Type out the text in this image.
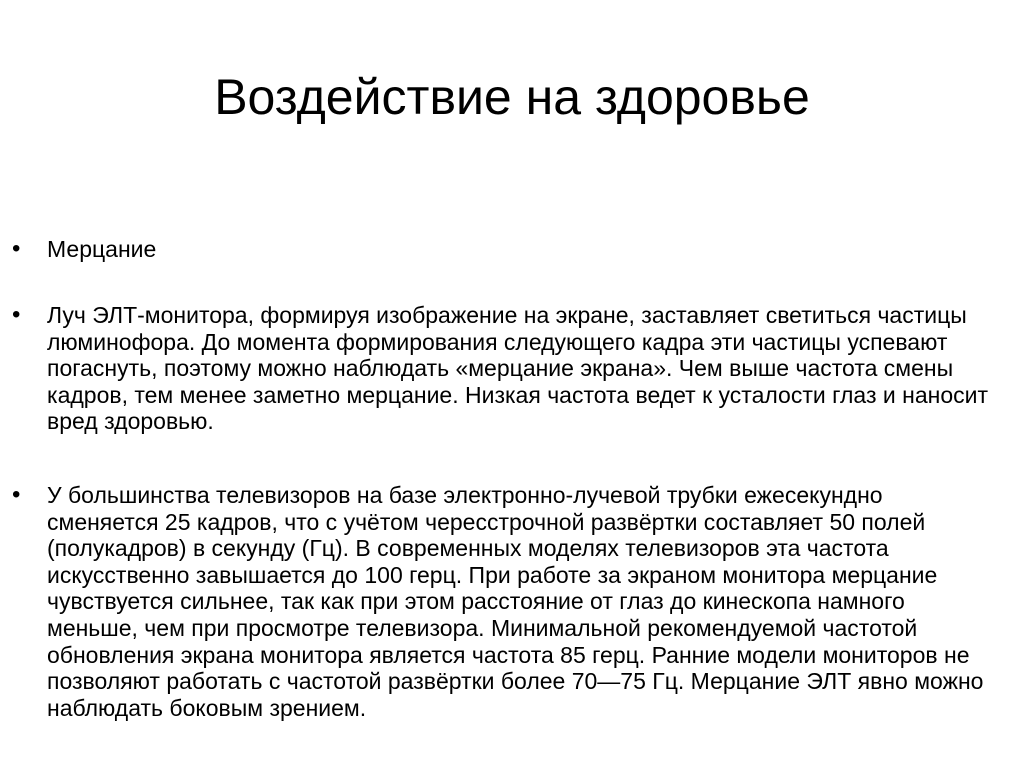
Воздействие на здоровье
• Мерцание

• Луч ЭЛТ-монитора, формируя изображение на экране, заставляет светиться частицы люминофора. До момента формирования следующего кадра эти частицы успевают погаснуть, поэтому можно наблюдать «мерцание экрана». Чем выше частота смены кадров, тем менее заметно мерцание. Низкая частота ведет к усталости глаз и наносит вред здоровью.

• У большинства телевизоров на базе электронно-лучевой трубки ежесекундно сменяется 25 кадров, что с учётом чересстрочной развёртки составляет 50 полей (полукадров) в секунду (Гц). В современных моделях телевизоров эта частота искусственно завышается до 100 герц. При работе за экраном монитора мерцание чувствуется сильнее, так как при этом расстояние от глаз до кинескопа намного меньше, чем при просмотре телевизора. Минимальной рекомендуемой частотой обновления экрана монитора является частота 85 герц. Ранние модели мониторов не позволяют работать с частотой развёртки более 70—75 Гц. Мерцание ЭЛТ явно можно наблюдать боковым зрением.
